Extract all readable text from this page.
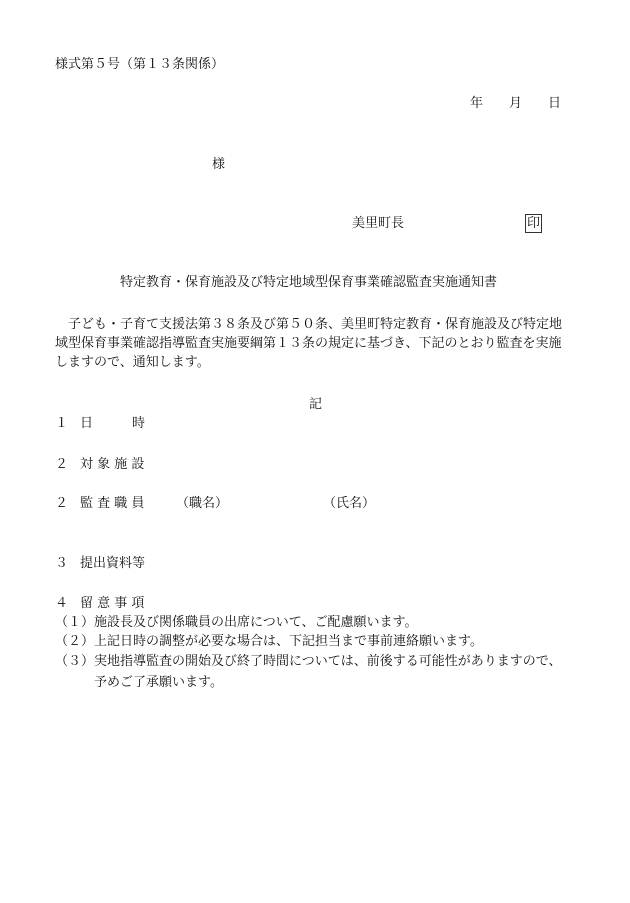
様式第５号（第１３条関係）
年　　月　　日
様
美里町長	印
特定教育・保育施設及び特定地域型保育事業確認監査実施通知書
　子ども・子育て支援法第３８条及び第５０条、美里町特定教育・保育施設及び特定地
域型保育事業確認指導監査実施要綱第１３条の規定に基づき、下記のとおり監査を実施
しますので、通知します。
記
１ 日　　　時
２ 対 象 施 設
２ 監 査 職 員 （職名）	（氏名）
３ 提出資料等
４ 留 意 事 項
（１） 施設長及び関係職員の出席について、ご配慮願います。
（２） 上記日時の調整が必要な場合は、下記担当まで事前連絡願います。
（３） 実地指導監査の開始及び終了時間については、前後する可能性がありますので、
予めご了承願います。
